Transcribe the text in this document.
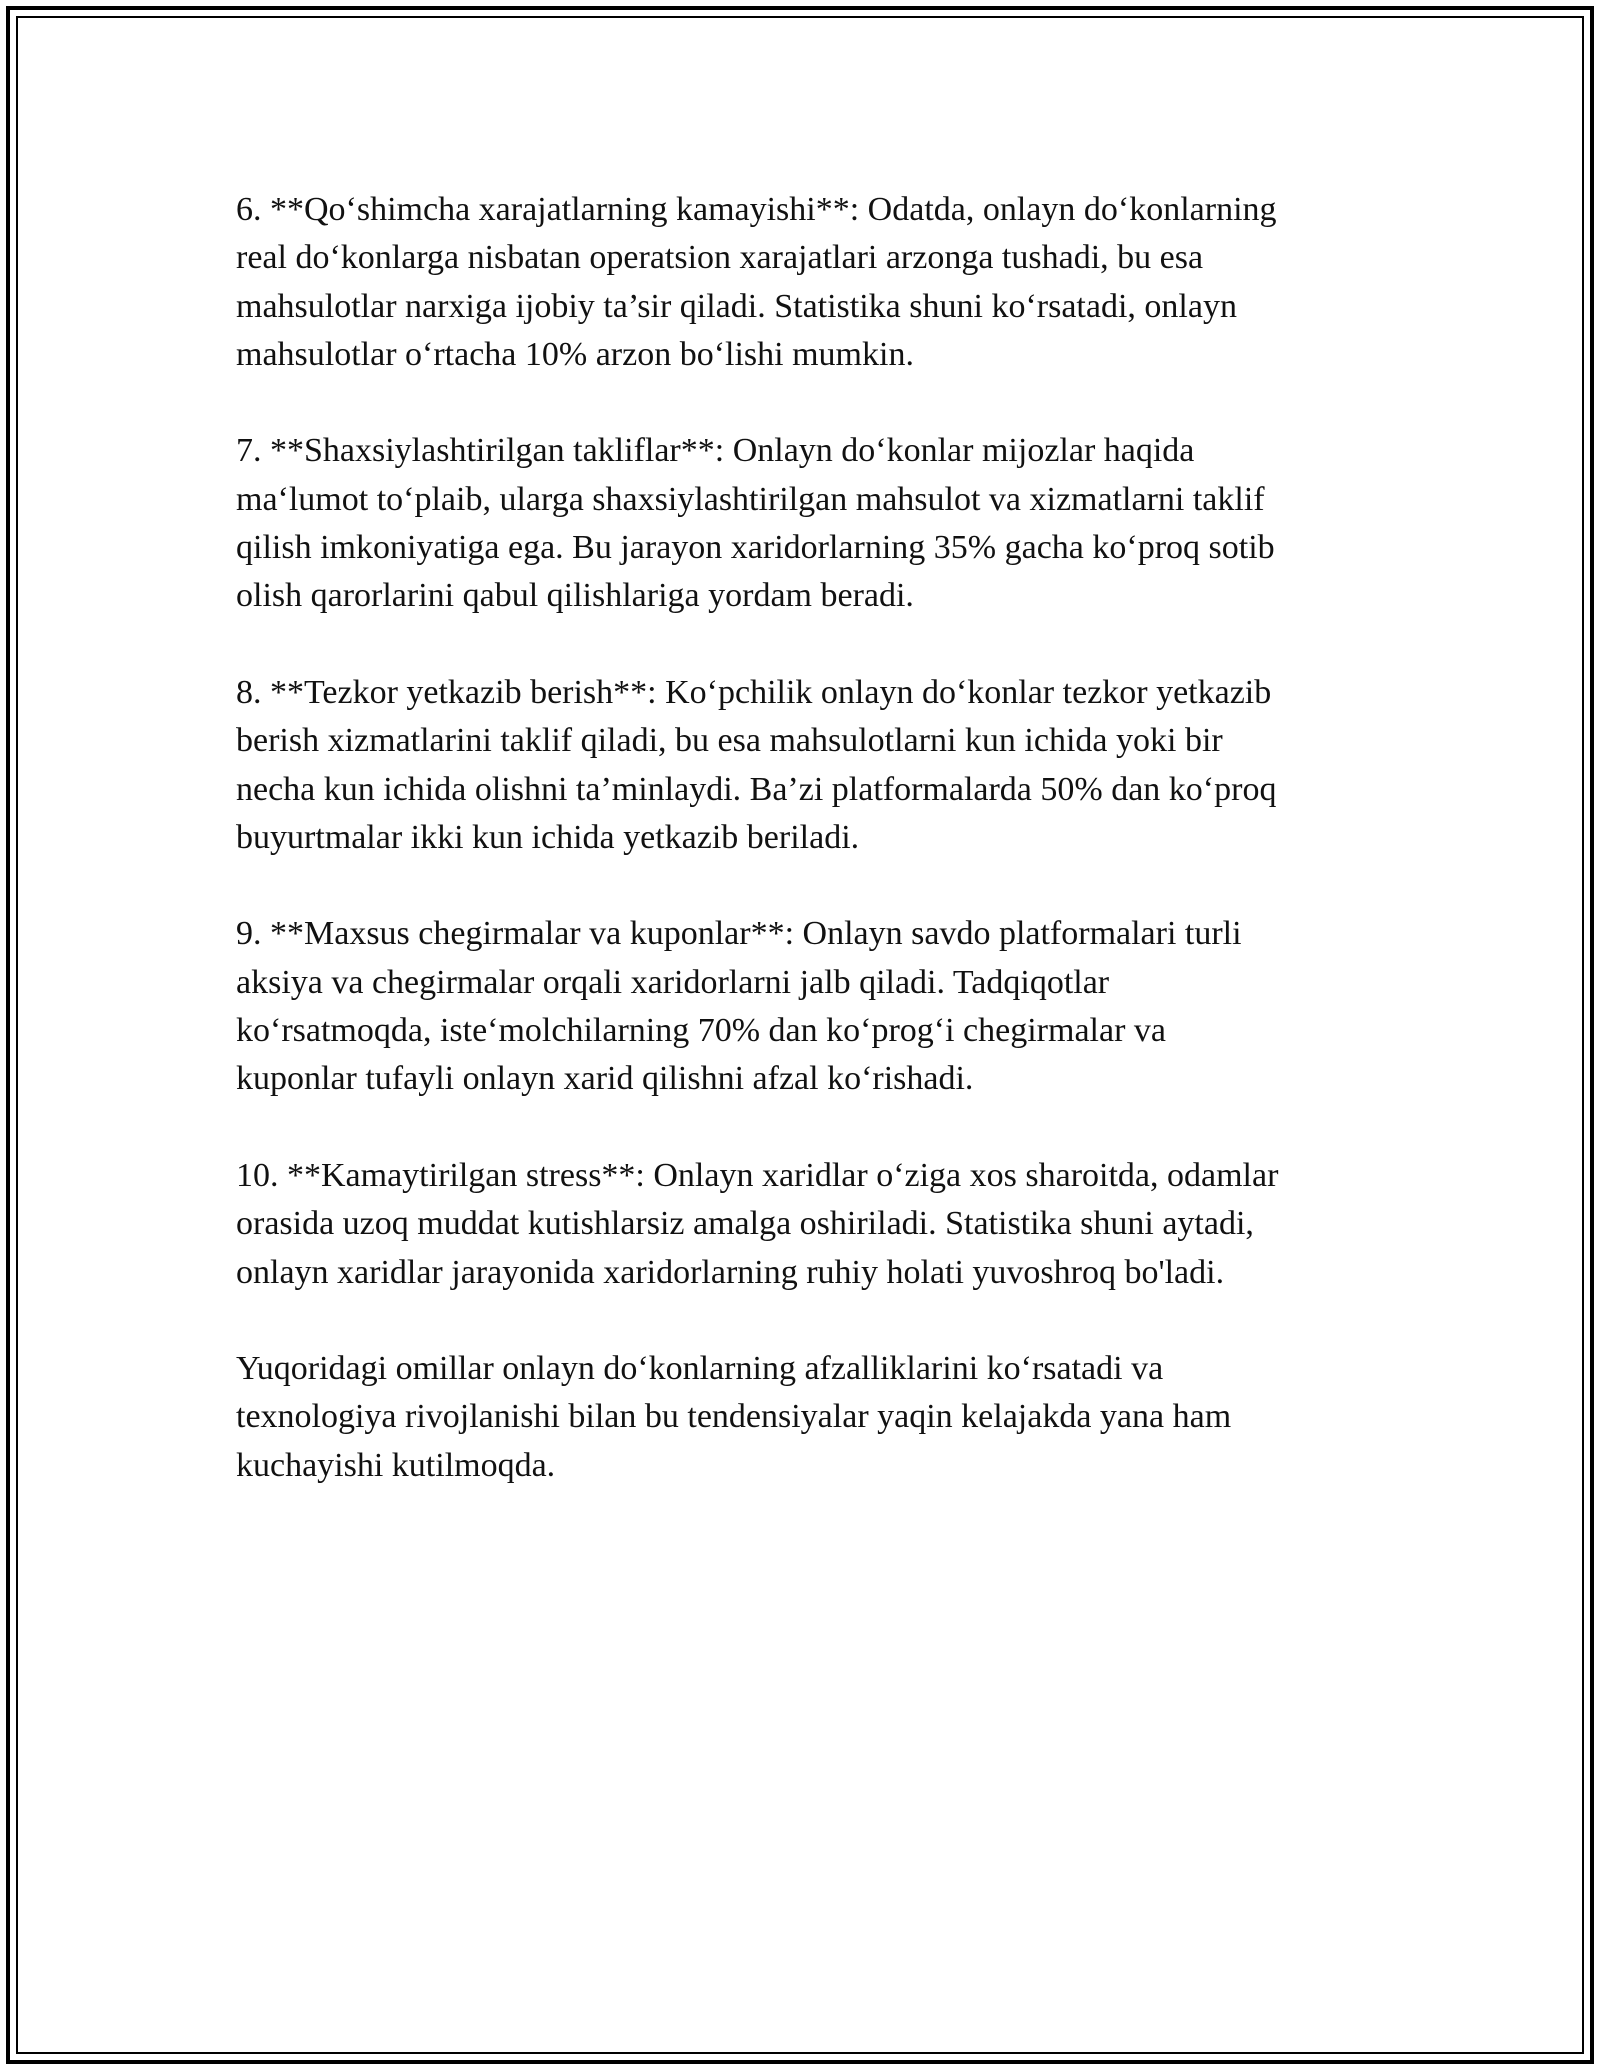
6. **Qo‘shimcha xarajatlarning kamayishi**: Odatda, onlayn do‘konlarning
real do‘konlarga nisbatan operatsion xarajatlari arzonga tushadi, bu esa
mahsulotlar narxiga ijobiy ta’sir qiladi. Statistika shuni ko‘rsatadi, onlayn
mahsulotlar o‘rtacha 10% arzon bo‘lishi mumkin.

7. **Shaxsiylashtirilgan takliflar**: Onlayn do‘konlar mijozlar haqida
ma‘lumot to‘plaib, ularga shaxsiylashtirilgan mahsulot va xizmatlarni taklif
qilish imkoniyatiga ega. Bu jarayon xaridorlarning 35% gacha ko‘proq sotib
olish qarorlarini qabul qilishlariga yordam beradi.

8. **Tezkor yetkazib berish**: Ko‘pchilik onlayn do‘konlar tezkor yetkazib
berish xizmatlarini taklif qiladi, bu esa mahsulotlarni kun ichida yoki bir
necha kun ichida olishni ta’minlaydi. Ba’zi platformalarda 50% dan ko‘proq
buyurtmalar ikki kun ichida yetkazib beriladi.

9. **Maxsus chegirmalar va kuponlar**: Onlayn savdo platformalari turli
aksiya va chegirmalar orqali xaridorlarni jalb qiladi. Tadqiqotlar
ko‘rsatmoqda, iste‘molchilarning 70% dan ko‘prog‘i chegirmalar va
kuponlar tufayli onlayn xarid qilishni afzal ko‘rishadi.

10. **Kamaytirilgan stress**: Onlayn xaridlar o‘ziga xos sharoitda, odamlar
orasida uzoq muddat kutishlarsiz amalga oshiriladi. Statistika shuni aytadi,
onlayn xaridlar jarayonida xaridorlarning ruhiy holati yuvoshroq bo'ladi.

Yuqoridagi omillar onlayn do‘konlarning afzalliklarini ko‘rsatadi va
texnologiya rivojlanishi bilan bu tendensiyalar yaqin kelajakda yana ham
kuchayishi kutilmoqda.
